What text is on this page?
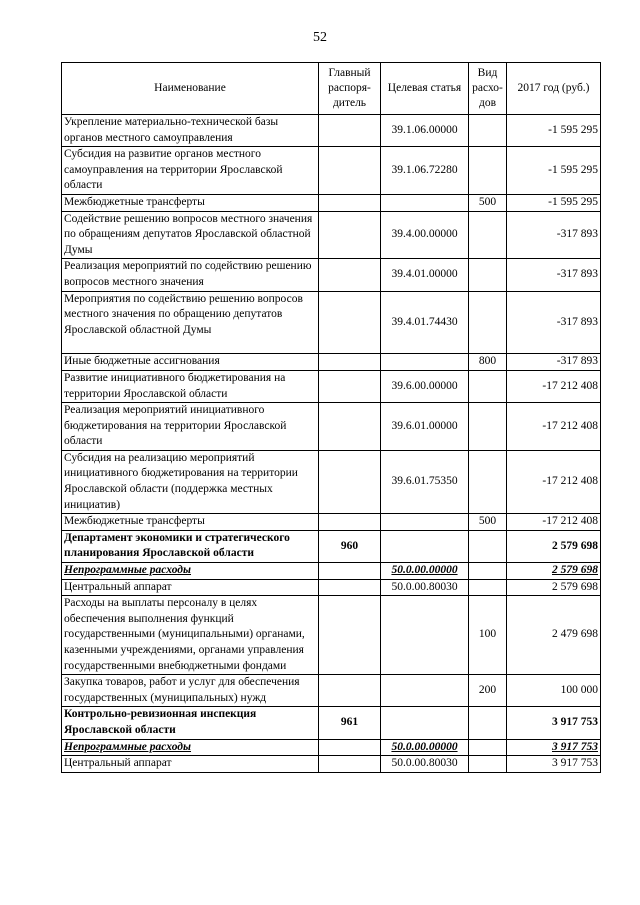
52
Наименование	Главный распоря-дитель	Целевая статья	Вид расхо-дов	2017 год (руб.)
Укрепление материально-технической базы органов местного самоуправления		39.1.06.00000		-1 595 295
Субсидия на развитие органов местного самоуправления на территории Ярославской области		39.1.06.72280		-1 595 295
Межбюджетные трансферты			500	-1 595 295
Содействие решению вопросов местного значения по обращениям депутатов Ярославской областной Думы		39.4.00.00000		-317 893
Реализация мероприятий по содействию решению вопросов местного значения		39.4.01.00000		-317 893
Мероприятия по содействию решению вопросов местного значения по обращению депутатов Ярославской областной Думы		39.4.01.74430		-317 893
Иные бюджетные ассигнования			800	-317 893
Развитие инициативного бюджетирования на территории Ярославской области		39.6.00.00000		-17 212 408
Реализация мероприятий инициативного бюджетирования на территории Ярославской области		39.6.01.00000		-17 212 408
Субсидия на реализацию мероприятий инициативного бюджетирования на территории Ярославской области (поддержка местных инициатив)		39.6.01.75350		-17 212 408
Межбюджетные трансферты			500	-17 212 408
Департамент экономики и стратегического планирования Ярославской области	960			2 579 698
Непрограммные расходы		50.0.00.00000		2 579 698
Центральный аппарат		50.0.00.80030		2 579 698
Расходы на выплаты персоналу в целях обеспечения выполнения функций государственными (муниципальными) органами, казенными учреждениями, органами управления государственными внебюджетными фондами			100	2 479 698
Закупка товаров, работ и услуг для обеспечения государственных (муниципальных) нужд			200	100 000
Контрольно-ревизионная инспекция Ярославской области	961			3 917 753
Непрограммные расходы		50.0.00.00000		3 917 753
Центральный аппарат		50.0.00.80030		3 917 753
